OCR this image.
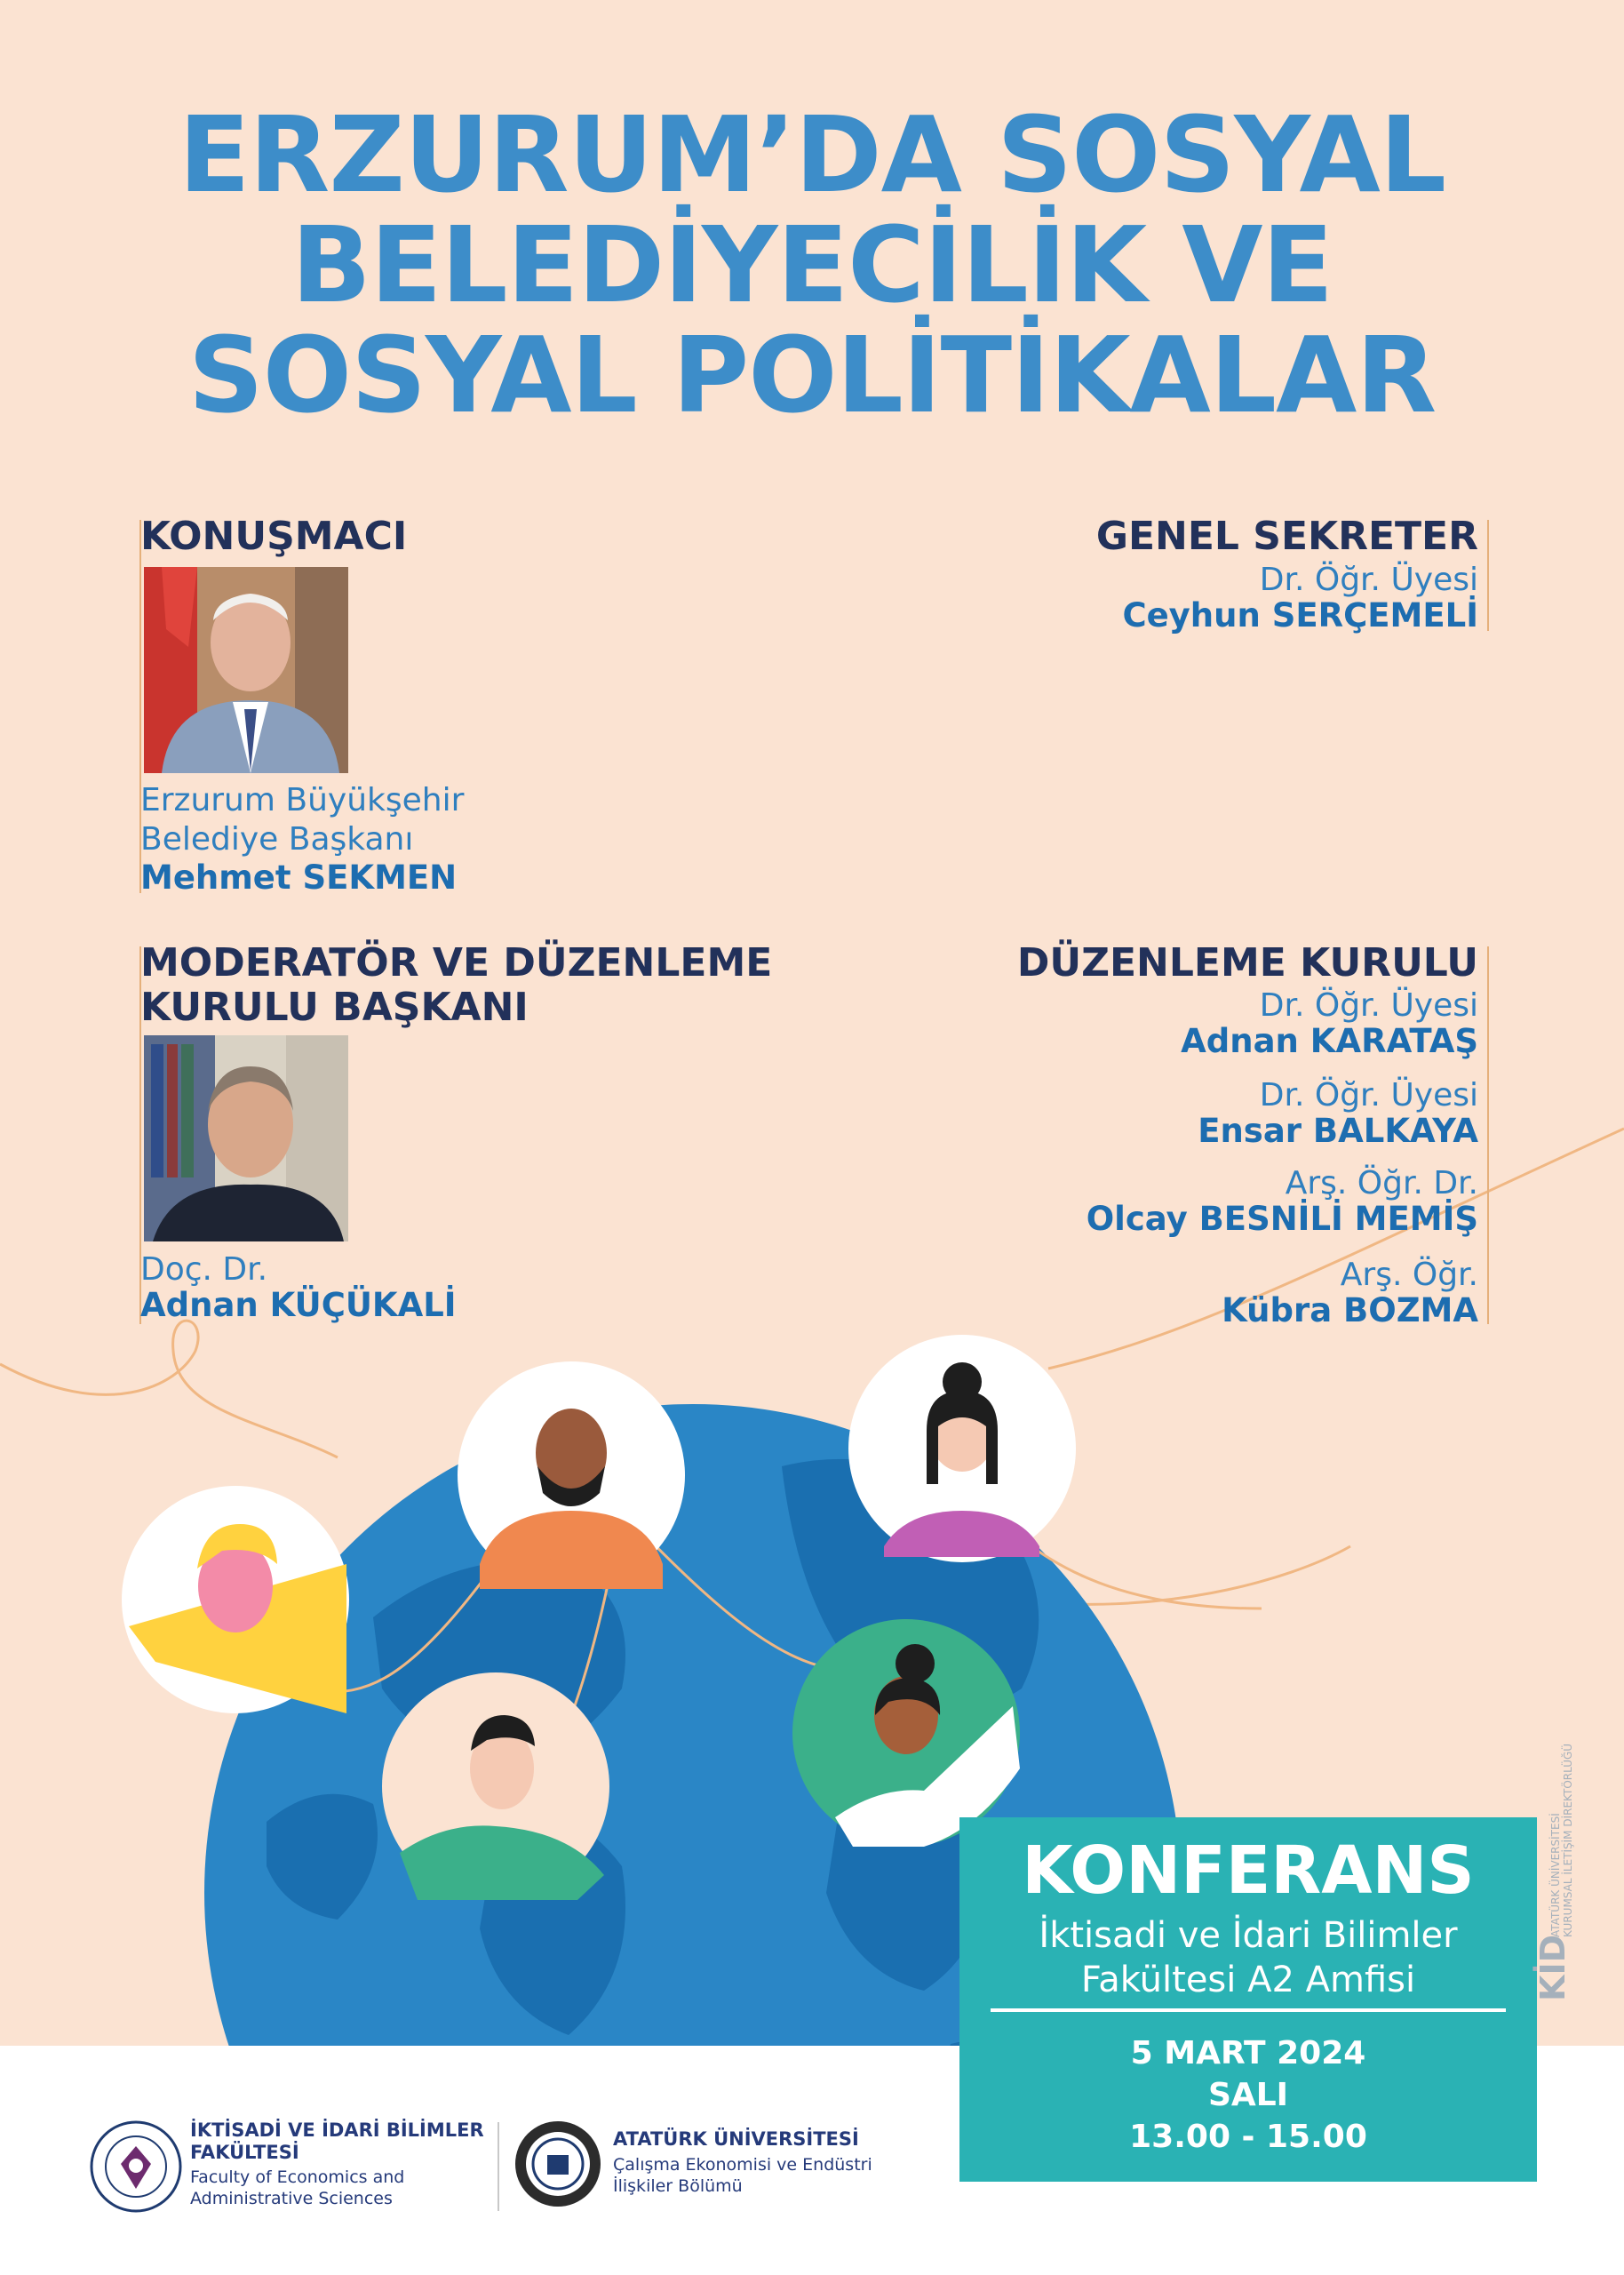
ERZURUM’DA SOSYAL
BELEDİYECİLİK VE
SOSYAL POLİTİKALAR
KONUŞMACI
Erzurum Büyükşehir
Belediye Başkanı
Mehmet SEKMEN
GENEL SEKRETER
Dr. Öğr. Üyesi
Ceyhun SERÇEMELİ
MODERATÖR VE DÜZENLEME
KURULU BAŞKANI
Doç. Dr.
Adnan KÜÇÜKALİ
DÜZENLEME KURULU
Dr. Öğr. Üyesi
Adnan KARATAŞ
Dr. Öğr. Üyesi
Ensar BALKAYA
Arş. Öğr. Dr.
Olcay BESNİLİ MEMİŞ
Arş. Öğr.
Kübra BOZMA
İKTİSADİ VE İDARİ BİLİMLER
FAKÜLTESİ
Faculty of Economics and
Administrative Sciences
ATATÜRK ÜNİVERSİTESİ
Çalışma Ekonomisi ve Endüstri
İlişkiler Bölümü
KONFERANS
İktisadi ve İdari Bilimler
Fakültesi A2 Amfisi
5 MART 2024
SALI
13.00 - 15.00
KİD
ATATÜRK ÜNİVERSİTESİ KURUMSAL İLETİŞİM DİREKTÖRLÜĞÜ
